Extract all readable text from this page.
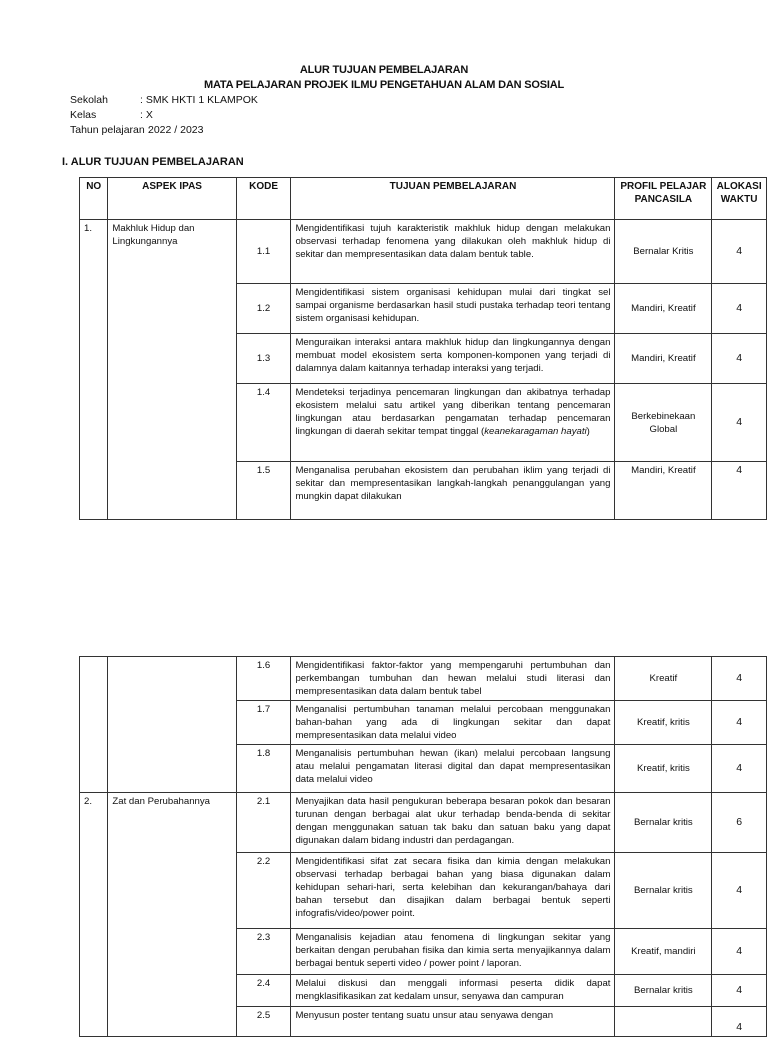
ALUR TUJUAN PEMBELAJARAN
MATA PELAJARAN PROJEK ILMU PENGETAHUAN ALAM DAN SOSIAL
Sekolah	: SMK HKTI 1 KLAMPOK
Kelas	: X
Tahun pelajaran :
2022 / 2023
I. ALUR TUJUAN PEMBELAJARAN
NO	ASPEK IPAS	KODE	TUJUAN PEMBELAJARAN	PROFIL PELAJAR PANCASILA	ALOKASI WAKTU
1.	Makhluk Hidup dan Lingkungannya	1.1	Mengidentifikasi tujuh karakteristik makhluk hidup dengan melakukan observasi terhadap fenomena yang dilakukan oleh makhluk hidup di sekitar dan mempresentasikan data dalam bentuk table.	Bernalar Kritis	4
		1.2	Mengidentifikasi sistem organisasi kehidupan mulai dari tingkat sel sampai organisme berdasarkan hasil studi pustaka terhadap teori tentang sistem organisasi kehidupan.	Mandiri, Kreatif	4
		1.3	Menguraikan interaksi antara makhluk hidup dan lingkungannya dengan membuat model ekosistem serta komponen-komponen yang terjadi di dalamnya dalam kaitannya terhadap interaksi yang terjadi.	Mandiri, Kreatif	4
		1.4	Mendeteksi terjadinya pencemaran lingkungan dan akibatnya terhadap ekosistem melalui satu artikel yang diberikan tentang pencemaran lingkungan atau berdasarkan pengamatan terhadap pencemaran lingkungan di daerah sekitar tempat tinggal (keanekaragaman hayati)	Berkebinekaan Global	4
		1.5	Menganalisa perubahan ekosistem dan perubahan iklim yang terjadi di sekitar dan mempresentasikan langkah-langkah penanggulangan yang mungkin dapat dilakukan	Mandiri, Kreatif	4
		1.6	Mengidentifikasi faktor-faktor yang mempengaruhi pertumbuhan dan perkembangan tumbuhan dan hewan melalui studi literasi dan mempresentasikan data dalam bentuk tabel	Kreatif	4
		1.7	Menganalisi pertumbuhan tanaman melalui percobaan menggunakan bahan-bahan yang ada di lingkungan sekitar dan dapat mempresentasikan data melalui video	Kreatif, kritis	4
		1.8	Menganalisis pertumbuhan hewan (ikan) melalui percobaan langsung atau melalui pengamatan literasi digital dan dapat mempresentasikan data melalui video	Kreatif, kritis	4
2.	Zat dan Perubahannya	2.1	Menyajikan data hasil pengukuran beberapa besaran pokok dan besaran turunan dengan berbagai alat ukur terhadap benda-benda di sekitar dengan menggunakan satuan tak baku dan satuan baku yang dapat digunakan dalam bidang industri dan perdagangan.	Bernalar kritis	6
		2.2	Mengidentifikasi sifat zat secara fisika dan kimia dengan melakukan observasi terhadap berbagai bahan yang biasa digunakan dalam kehidupan sehari-hari, serta kelebihan dan kekurangan/bahaya dari bahan tersebut dan disajikan dalam berbagai bentuk seperti infografis/video/power point.	Bernalar kritis	4
		2.3	Menganalisis kejadian atau fenomena di lingkungan sekitar yang berkaitan dengan perubahan fisika dan kimia serta menyajikannya dalam berbagai bentuk seperti video / power point / laporan.	Kreatif, mandiri	4
		2.4	Melalui diskusi dan menggali informasi peserta didik dapat mengklasifikasikan zat kedalam unsur, senyawa dan campuran	Bernalar kritis	4
		2.5	Menyusun poster tentang suatu unsur atau senyawa dengan		4
